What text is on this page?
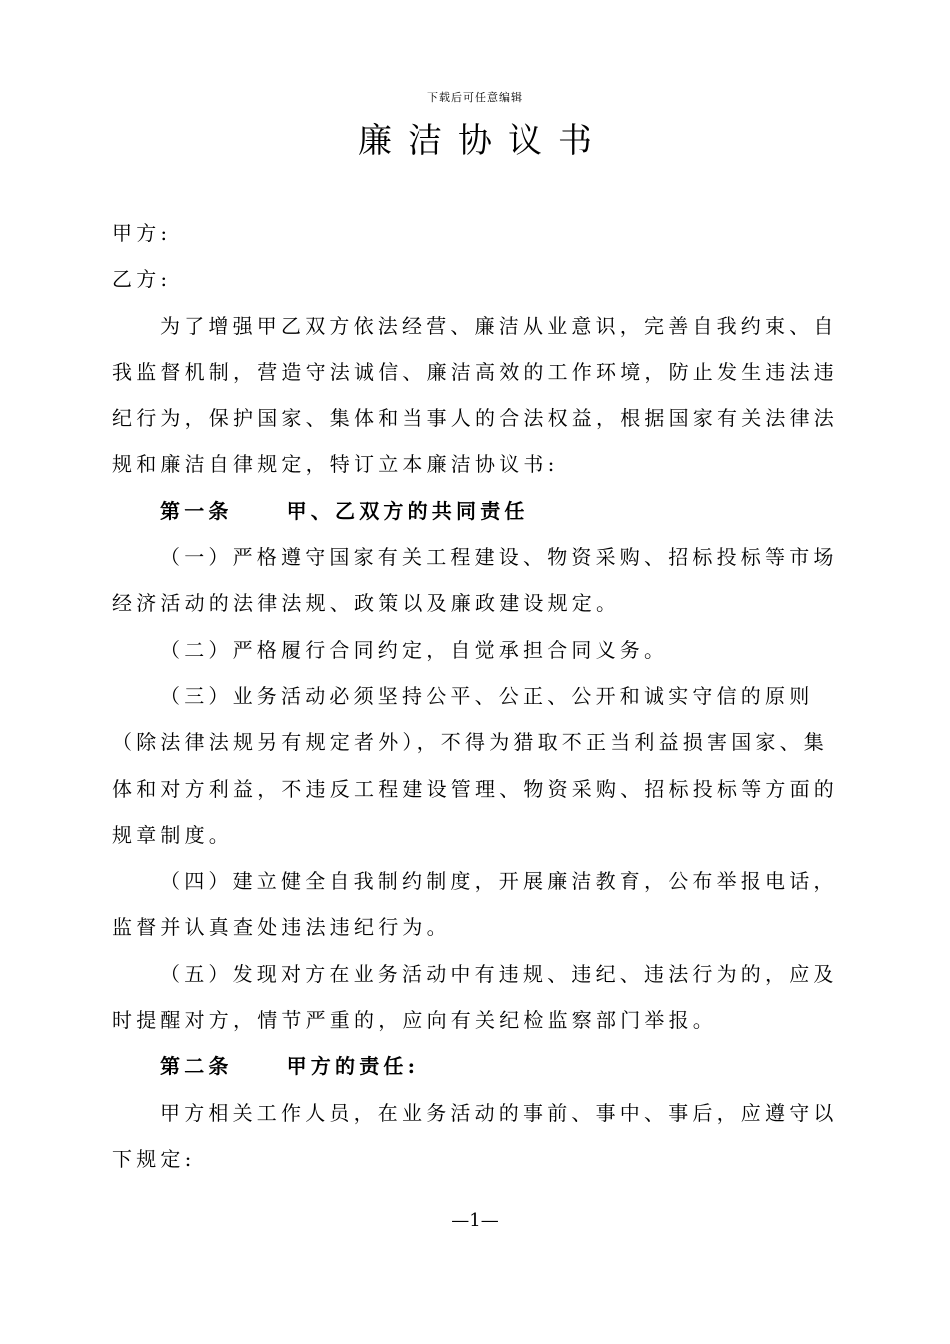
下载后可任意编辑
廉洁协议书

甲方:

乙方:

为了增强甲乙双方依法经营、廉洁从业意识，完善自我约束、自我监督机制，营造守法诚信、廉洁高效的工作环境，防止发生违法违纪行为，保护国家、集体和当事人的合法权益，根据国家有关法律法规和廉洁自律规定，特订立本廉洁协议书:

第一条	甲、乙双方的共同责任

（一）严格遵守国家有关工程建设、物资采购、招标投标等市场经济活动的法律法规、政策以及廉政建设规定。

（二）严格履行合同约定，自觉承担合同义务。

（三）业务活动必须坚持公平、公正、公开和诚实守信的原则（除法律法规另有规定者外），不得为猎取不正当利益损害国家、集体和对方利益，不违反工程建设管理、物资采购、招标投标等方面的规章制度。

（四）建立健全自我制约制度，开展廉洁教育，公布举报电话，监督并认真查处违法违纪行为。

（五）发现对方在业务活动中有违规、违纪、违法行为的，应及时提醒对方，情节严重的，应向有关纪检监察部门举报。

第二条	甲方的责任:

甲方相关工作人员，在业务活动的事前、事中、事后，应遵守以下规定:

—1—
